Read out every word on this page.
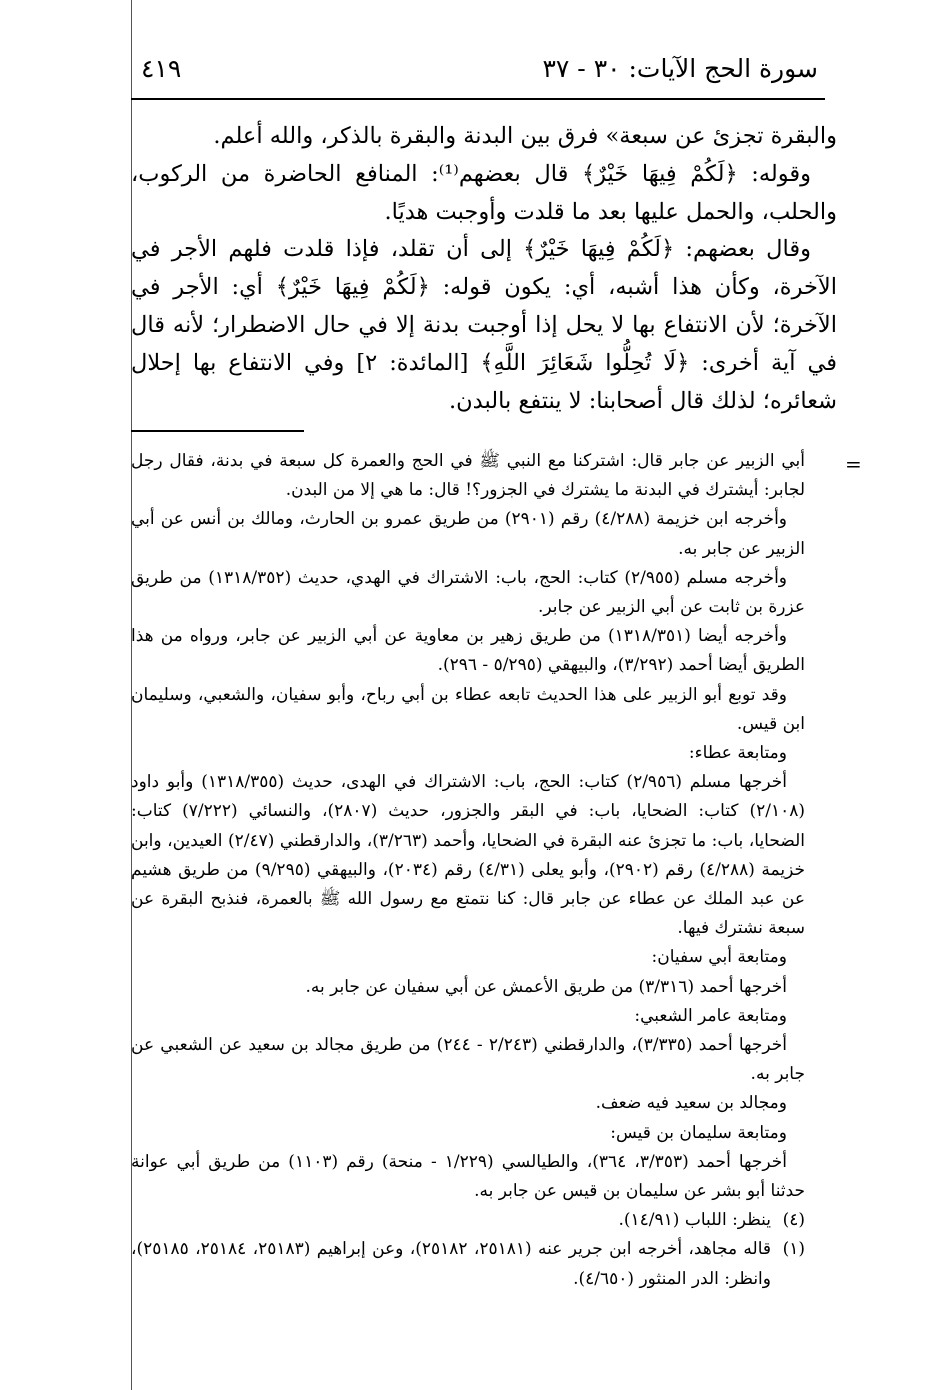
سورة الحج الآيات: ٣٠ - ٣٧
٤١٩

والبقرة تجزئ عن سبعة» فرق بين البدنة والبقرة بالذكر، والله أعلم.

وقوله: ﴿لَكُمْ فِيهَا خَيْرٌ﴾ قال بعضهم⁽¹⁾: المنافع الحاضرة من الركوب، والحلب، والحمل عليها بعد ما قلدت وأوجبت هديًا.

وقال بعضهم: ﴿لَكُمْ فِيهَا خَيْرٌ﴾ إلى أن تقلد، فإذا قلدت فلهم الأجر في الآخرة، وكأن هذا أشبه، أي: يكون قوله: ﴿لَكُمْ فِيهَا خَيْرٌ﴾ أي: الأجر في الآخرة؛ لأن الانتفاع بها لا يحل إذا أوجبت بدنة إلا في حال الاضطرار؛ لأنه قال في آية أخرى: ﴿لَا تُحِلُّوا شَعَائِرَ اللَّهِ﴾ [المائدة: ٢] وفي الانتفاع بها إحلال شعائره؛ لذلك قال أصحابنا: لا ينتفع بالبدن.

=

أبي الزبير عن جابر قال: اشتركنا مع النبي ﷺ في الحج والعمرة كل سبعة في بدنة، فقال رجل لجابر: أيشترك في البدنة ما يشترك في الجزور؟! قال: ما هي إلا من البدن.

وأخرجه ابن خزيمة (٤/٢٨٨) رقم (٢٩٠١) من طريق عمرو بن الحارث، ومالك بن أنس عن أبي الزبير عن جابر به.

وأخرجه مسلم (٢/٩٥٥) كتاب: الحج، باب: الاشتراك في الهدي، حديث (١٣١٨/٣٥٢) من طريق عزرة بن ثابت عن أبي الزبير عن جابر.

وأخرجه أيضا (١٣١٨/٣٥١) من طريق زهير بن معاوية عن أبي الزبير عن جابر، ورواه من هذا الطريق أيضا أحمد (٣/٢٩٢)، والبيهقي (٥/٢٩٥ - ٢٩٦).

وقد توبع أبو الزبير على هذا الحديث تابعه عطاء بن أبي رباح، وأبو سفيان، والشعبي، وسليمان ابن قيس.

ومتابعة عطاء:

أخرجها مسلم (٢/٩٥٦) كتاب: الحج، باب: الاشتراك في الهدى، حديث (١٣١٨/٣٥٥) وأبو داود (٢/١٠٨) كتاب: الضحايا، باب: في البقر والجزور، حديث (٢٨٠٧)، والنسائي (٧/٢٢٢) كتاب: الضحايا، باب: ما تجزئ عنه البقرة في الضحايا، وأحمد (٣/٢٦٣)، والدارقطني (٢/٤٧) العيدين، وابن خزيمة (٤/٢٨٨) رقم (٢٩٠٢)، وأبو يعلى (٤/٣١) رقم (٢٠٣٤)، والبيهقي (٩/٢٩٥) من طريق هشيم عن عبد الملك عن عطاء عن جابر قال: كنا نتمتع مع رسول الله ﷺ بالعمرة، فنذبح البقرة عن سبعة نشترك فيها.

ومتابعة أبي سفيان:

أخرجها أحمد (٣/٣١٦) من طريق الأعمش عن أبي سفيان عن جابر به.

ومتابعة عامر الشعبي:

أخرجها أحمد (٣/٣٣٥)، والدارقطني (٢/٢٤٣ - ٢٤٤) من طريق مجالد بن سعيد عن الشعبي عن جابر به.

ومجالد بن سعيد فيه ضعف.

ومتابعة سليمان بن قيس:

أخرجها أحمد (٣/٣٥٣، ٣٦٤)، والطيالسي (١/٢٢٩ - منحة) رقم (١١٠٣) من طريق أبي عوانة حدثنا أبو بشر عن سليمان بن قيس عن جابر به.

(٤)
ينظر: اللباب (١٤/٩١).

(١)
قاله مجاهد، أخرجه ابن جرير عنه (٢٥١٨١، ٢٥١٨٢)، وعن إبراهيم (٢٥١٨٣، ٢٥١٨٤، ٢٥١٨٥)، وانظر: الدر المنثور (٤/٦٥٠).
